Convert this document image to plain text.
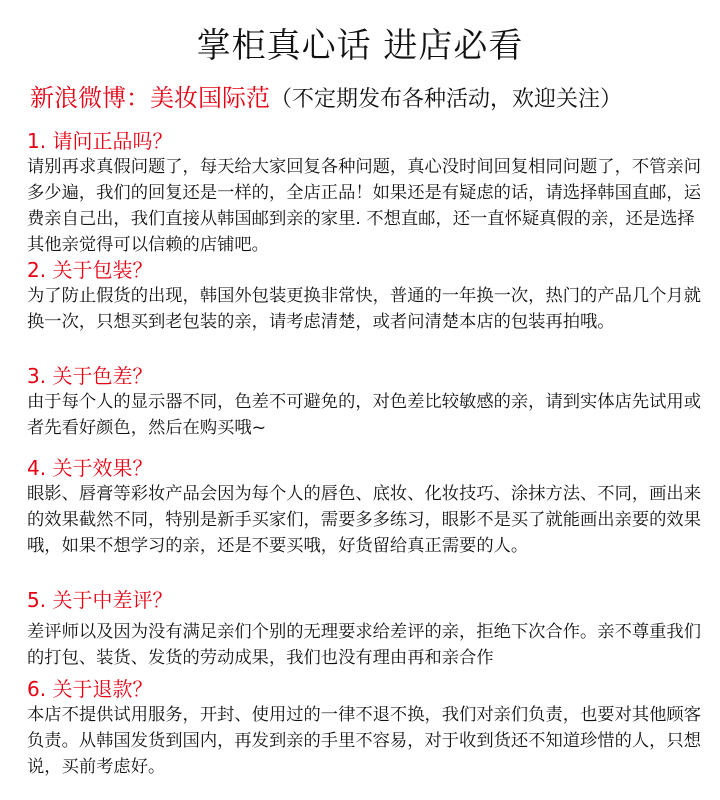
掌柜真心话 进店必看
新浪微博：美妆国际范（不定期发布各种活动，欢迎关注）

1. 请问正品吗？

请别再求真假问题了，每天给大家回复各种问题，真心没时间回复相同问题了，不管亲问多少遍，我们的回复还是一样的，全店正品！如果还是有疑虑的话，请选择韩国直邮，运费亲自己出，我们直接从韩国邮到亲的家里. 不想直邮，还一直怀疑真假的亲，还是选择其他亲觉得可以信赖的店铺吧。

2. 关于包装？

为了防止假货的出现，韩国外包装更换非常快，普通的一年换一次，热门的产品几个月就换一次，只想买到老包装的亲，请考虑清楚，或者问清楚本店的包装再拍哦。

3. 关于色差？

由于每个人的显示器不同，色差不可避免的，对色差比较敏感的亲，请到实体店先试用或者先看好颜色，然后在购买哦~

4. 关于效果？

眼影、唇膏等彩妆产品会因为每个人的唇色、底妆、化妆技巧、涂抹方法、不同，画出来的效果截然不同，特别是新手买家们，需要多多练习，眼影不是买了就能画出亲要的效果哦，如果不想学习的亲，还是不要买哦，好货留给真正需要的人。

5. 关于中差评？

差评师以及因为没有满足亲们个别的无理要求给差评的亲，拒绝下次合作。亲不尊重我们的打包、装货、发货的劳动成果，我们也没有理由再和亲合作

6. 关于退款？

本店不提供试用服务，开封、使用过的一律不退不换，我们对亲们负责，也要对其他顾客负责。从韩国发货到国内，再发到亲的手里不容易，对于收到货还不知道珍惜的人，只想说，买前考虑好。
